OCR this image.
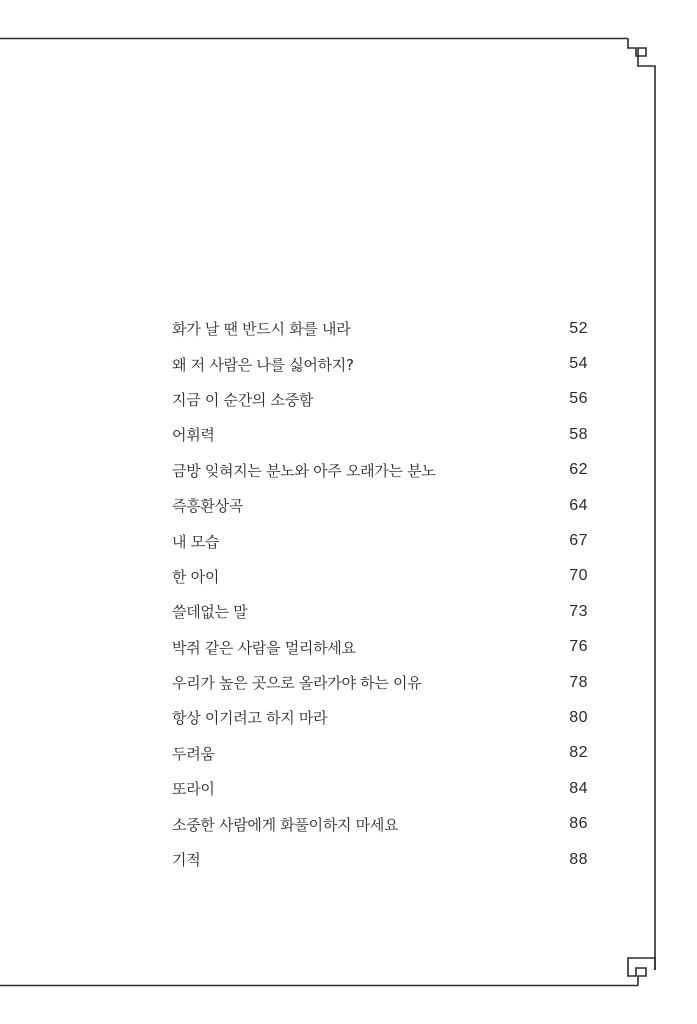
화가 날 땐 반드시 화를 내라	52
왜 저 사람은 나를 싫어하지?	54
지금 이 순간의 소중함	56
어휘력	58
금방 잊혀지는 분노와 아주 오래가는 분노	62
즉흥환상곡	64
내 모습	67
한 아이	70
쓸데없는 말	73
박쥐 같은 사람을 멀리하세요	76
우리가 높은 곳으로 올라가야 하는 이유	78
항상 이기려고 하지 마라	80
두려움	82
또라이	84
소중한 사람에게 화풀이하지 마세요	86
기적	88
